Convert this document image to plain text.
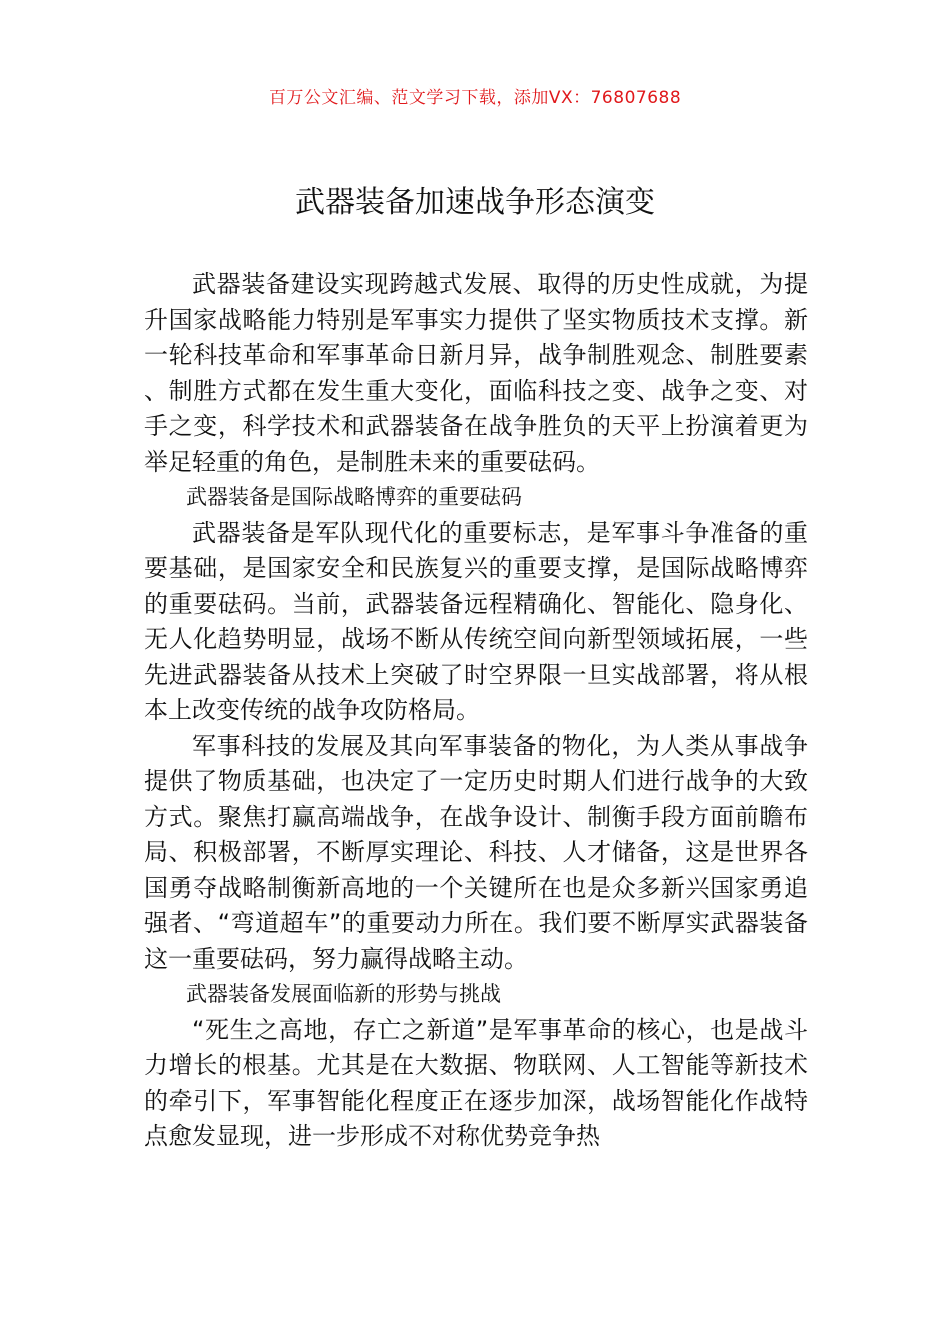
百万公文汇编、范文学习下载，添加VX：76807688
武器装备加速战争形态演变

武器装备建设实现跨越式发展、取得的历史性成就，为提升国家战略能力特别是军事实力提供了坚实物质技术支撑。新一轮科技革命和军事革命日新月异，战争制胜观念、制胜要素、制胜方式都在发生重大变化，面临科技之变、战争之变、对手之变，科学技术和武器装备在战争胜负的天平上扮演着更为举足轻重的角色，是制胜未来的重要砝码。

武器装备是国际战略博弈的重要砝码

武器装备是军队现代化的重要标志，是军事斗争准备的重要基础，是国家安全和民族复兴的重要支撑，是国际战略博弈的重要砝码。当前，武器装备远程精确化、智能化、隐身化、无人化趋势明显，战场不断从传统空间向新型领域拓展，一些先进武器装备从技术上突破了时空界限一旦实战部署，将从根本上改变传统的战争攻防格局。

军事科技的发展及其向军事装备的物化，为人类从事战争提供了物质基础，也决定了一定历史时期人们进行战争的大致方式。聚焦打赢高端战争，在战争设计、制衡手段方面前瞻布局、积极部署，不断厚实理论、科技、人才储备，这是世界各国勇夺战略制衡新高地的一个关键所在也是众多新兴国家勇追强者、“弯道超车”的重要动力所在。我们要不断厚实武器装备这一重要砝码，努力赢得战略主动。

武器装备发展面临新的形势与挑战

“死生之高地，存亡之新道”是军事革命的核心，也是战斗力增长的根基。尤其是在大数据、物联网、人工智能等新技术的牵引下，军事智能化程度正在逐步加深，战场智能化作战特点愈发显现，进一步形成不对称优势竞争热
